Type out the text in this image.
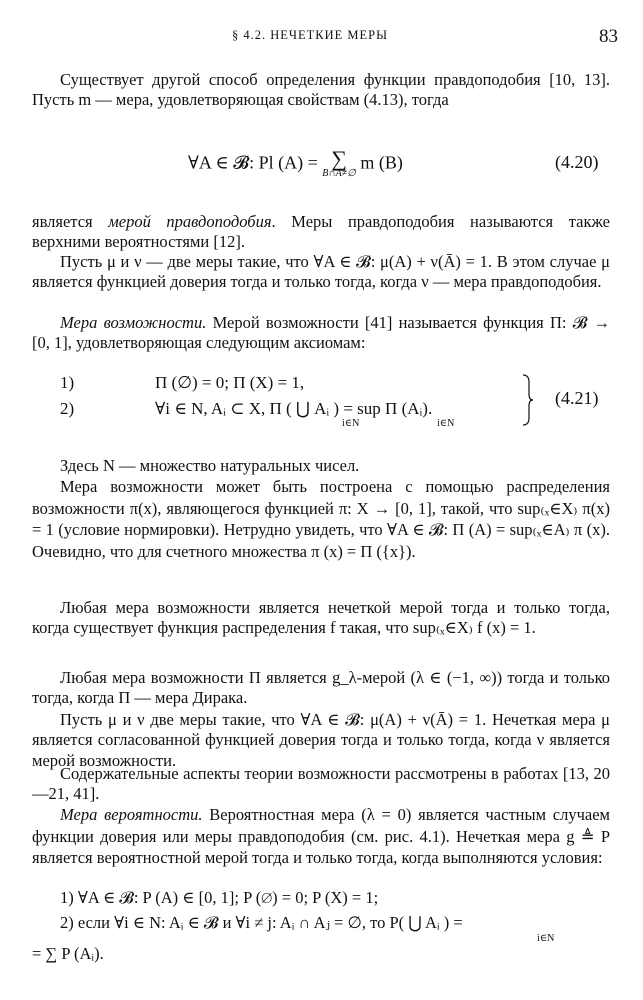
§ 4.2. НЕЧЕТКИЕ МЕРЫ	83
Существует другой способ определения функции правдоподобия [10, 13]. Пусть m — мера, удовлетворяющая свойствам (4.13), тогда
∀A ∈ 𝓑: Pl (A) = ∑
B∩A≠∅
m (B)	(4.20)
является мерой правдоподобия. Меры правдоподобия называются также верхними вероятностями [12].
Пусть μ и ν — две меры такие, что ∀A ∈ 𝓑: μ(A) + ν(Ā) = 1. В этом случае μ является функцией доверия тогда и только тогда, когда ν — мера правдоподобия.
Мера возможности. Мерой возможности [41] называется функция Π: 𝓑 → [0, 1], удовлетворяющая следующим аксиомам:
1)	Π (∅) = 0; Π (X) = 1,
2)	∀i ∈ N, Aᵢ ⊂ X, Π ( ⋃ Aᵢ ) = sup Π (Aᵢ).
i∈N	i∈N
(4.21)
Здесь N — множество натуральных чисел.
Мера возможности может быть построена с помощью распределения возможности π(x), являющегося функцией π: X → [0, 1], такой, что sup₍ₓ∈X₎ π(x) = 1 (условие нормировки). Нетрудно увидеть, что ∀A ∈ 𝓑: Π (A) = sup₍ₓ∈A₎ π (x). Очевидно, что для счетного множества π (x) = Π ({x}).
Любая мера возможности является нечеткой мерой тогда и только тогда, когда существует функция распределения f такая, что sup₍ₓ∈X₎ f (x) = 1.
Любая мера возможности Π является g_λ-мерой (λ ∈ (−1, ∞)) тогда и только тогда, когда Π — мера Дирака.
Пусть μ и ν две меры такие, что ∀A ∈ 𝓑: μ(A) + ν(Ā) = 1. Нечеткая мера μ является согласованной функцией доверия тогда и только тогда, когда ν является мерой возможности.
Содержательные аспекты теории возможности рассмотрены в работах [13, 20—21, 41].
Мера вероятности. Вероятностная мера (λ = 0) является частным случаем функции доверия или меры правдоподобия (см. рис. 4.1). Нечеткая мера g ≜ P является вероятностной мерой тогда и только тогда, когда выполняются условия:
1) ∀A ∈ 𝓑: P (A) ∈ [0, 1]; P (∅) = 0; P (X) = 1;
2) если ∀i ∈ N: Aᵢ ∈ 𝓑 и ∀i ≠ j: Aᵢ ∩ Aⱼ = ∅, то P( ⋃ Aᵢ ) =
i∈N
= ∑ P (Aᵢ).
